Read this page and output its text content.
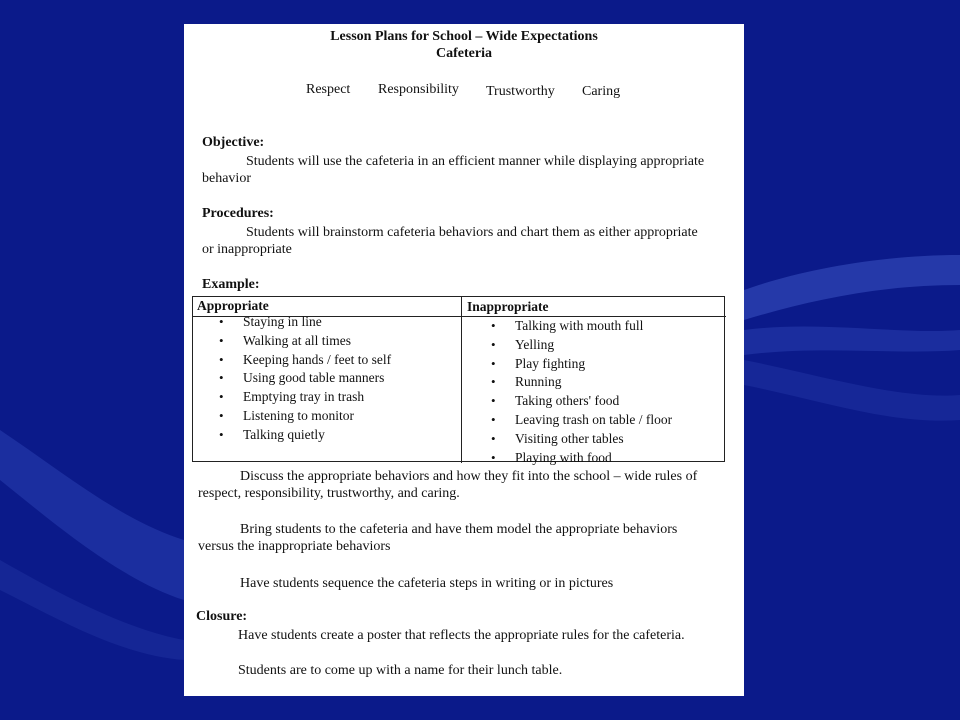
Lesson Plans for School – Wide Expectations
Cafeteria
Respect Responsibility Trustworthy Caring
Objective:
Students will use the cafeteria in an efficient manner while displaying appropriate
behavior
Procedures:
Students will brainstorm cafeteria behaviors and chart them as either appropriate
or inappropriate
Example:
Appropriate	Inappropriate
• Staying in line
• Walking at all times
• Keeping hands / feet to self
• Using good table manners
• Emptying tray in trash
• Listening to monitor
• Talking quietly
• Talking with mouth full
• Yelling
• Play fighting
• Running
• Taking others' food
• Leaving trash on table / floor
• Visiting other tables
• Playing with food
Discuss the appropriate behaviors and how they fit into the school – wide rules of
respect, responsibility, trustworthy, and caring.
Bring students to the cafeteria and have them model the appropriate behaviors
versus the inappropriate behaviors
Have students sequence the cafeteria steps in writing or in pictures
Closure:
Have students create a poster that reflects the appropriate rules for the cafeteria.
Students are to come up with a name for their lunch table.
